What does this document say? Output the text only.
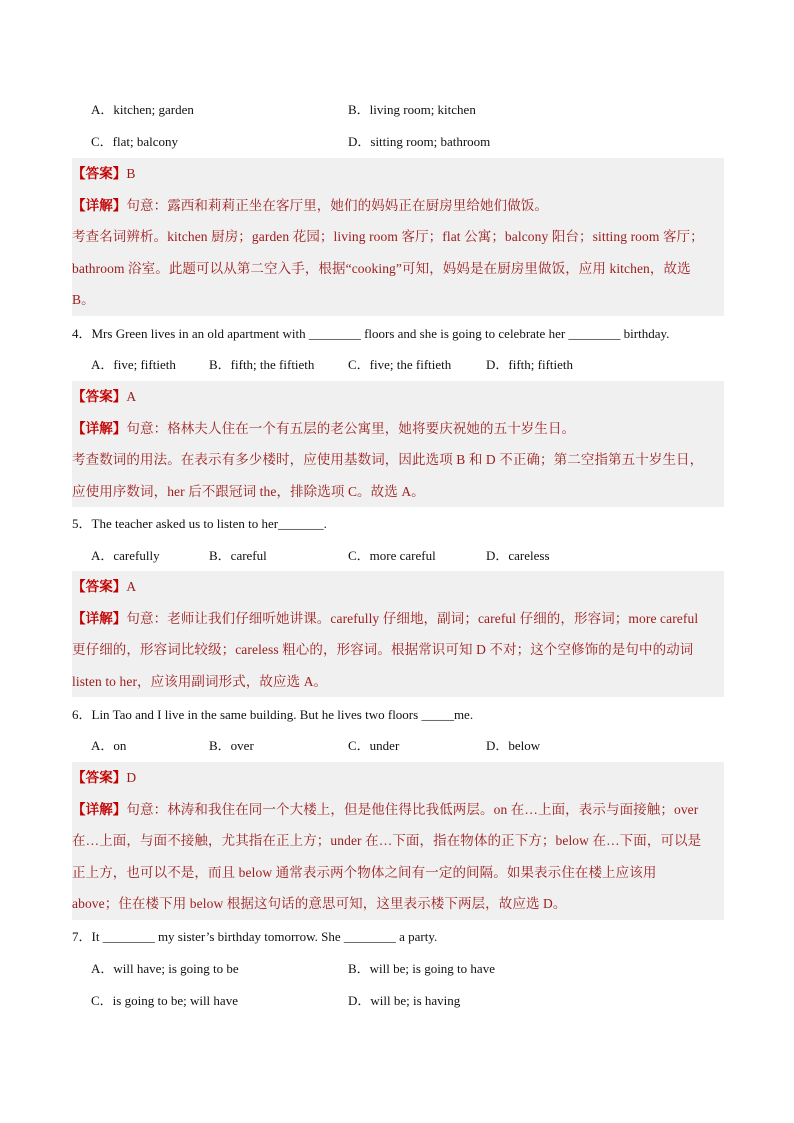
A．kitchen; garden	B．living room; kitchen
C．flat; balcony	D．sitting room; bathroom
【答案】B
【详解】句意：露西和莉莉正坐在客厅里，她们的妈妈正在厨房里给她们做饭。
考查名词辨析。kitchen 厨房；garden 花园；living room 客厅；flat 公寓；balcony 阳台；sitting room 客厅；
bathroom 浴室。此题可以从第二空入手，根据“cooking”可知，妈妈是在厨房里做饭，应用 kitchen，故选
B。
4．Mrs Green lives in an old apartment with ________ floors and she is going to celebrate her ________ birthday.
A．five; fiftieth	B．fifth; the fiftieth	C．five; the fiftieth	D．fifth; fiftieth
【答案】A
【详解】句意：格林夫人住在一个有五层的老公寓里，她将要庆祝她的五十岁生日。
考查数词的用法。在表示有多少楼时，应使用基数词，因此选项 B 和 D 不正确；第二空指第五十岁生日，
应使用序数词，her 后不跟冠词 the，排除选项 C。故选 A。
5．The teacher asked us to listen to her_______.
A．carefully	B．careful	C．more careful	D．careless
【答案】A
【详解】句意：老师让我们仔细听她讲课。carefully 仔细地，副词；careful 仔细的，形容词；more careful
更仔细的，形容词比较级；careless 粗心的，形容词。根据常识可知 D 不对；这个空修饰的是句中的动词
listen to her，应该用副词形式，故应选 A。
6．Lin Tao and I live in the same building. But he lives two floors _____me.
A．on	B．over	C．under	D．below
【答案】D
【详解】句意：林涛和我住在同一个大楼上，但是他住得比我低两层。on 在…上面，表示与面接触；over
在…上面，与面不接触，尤其指在正上方；under 在…下面，指在物体的正下方；below 在…下面，可以是
正上方，也可以不是，而且 below 通常表示两个物体之间有一定的间隔。如果表示住在楼上应该用
above；住在楼下用 below 根据这句话的意思可知，这里表示楼下两层，故应选 D。
7．It ________ my sister’s birthday tomorrow. She ________ a party.
A．will have; is going to be	B．will be; is going to have
C．is going to be; will have	D．will be; is having
